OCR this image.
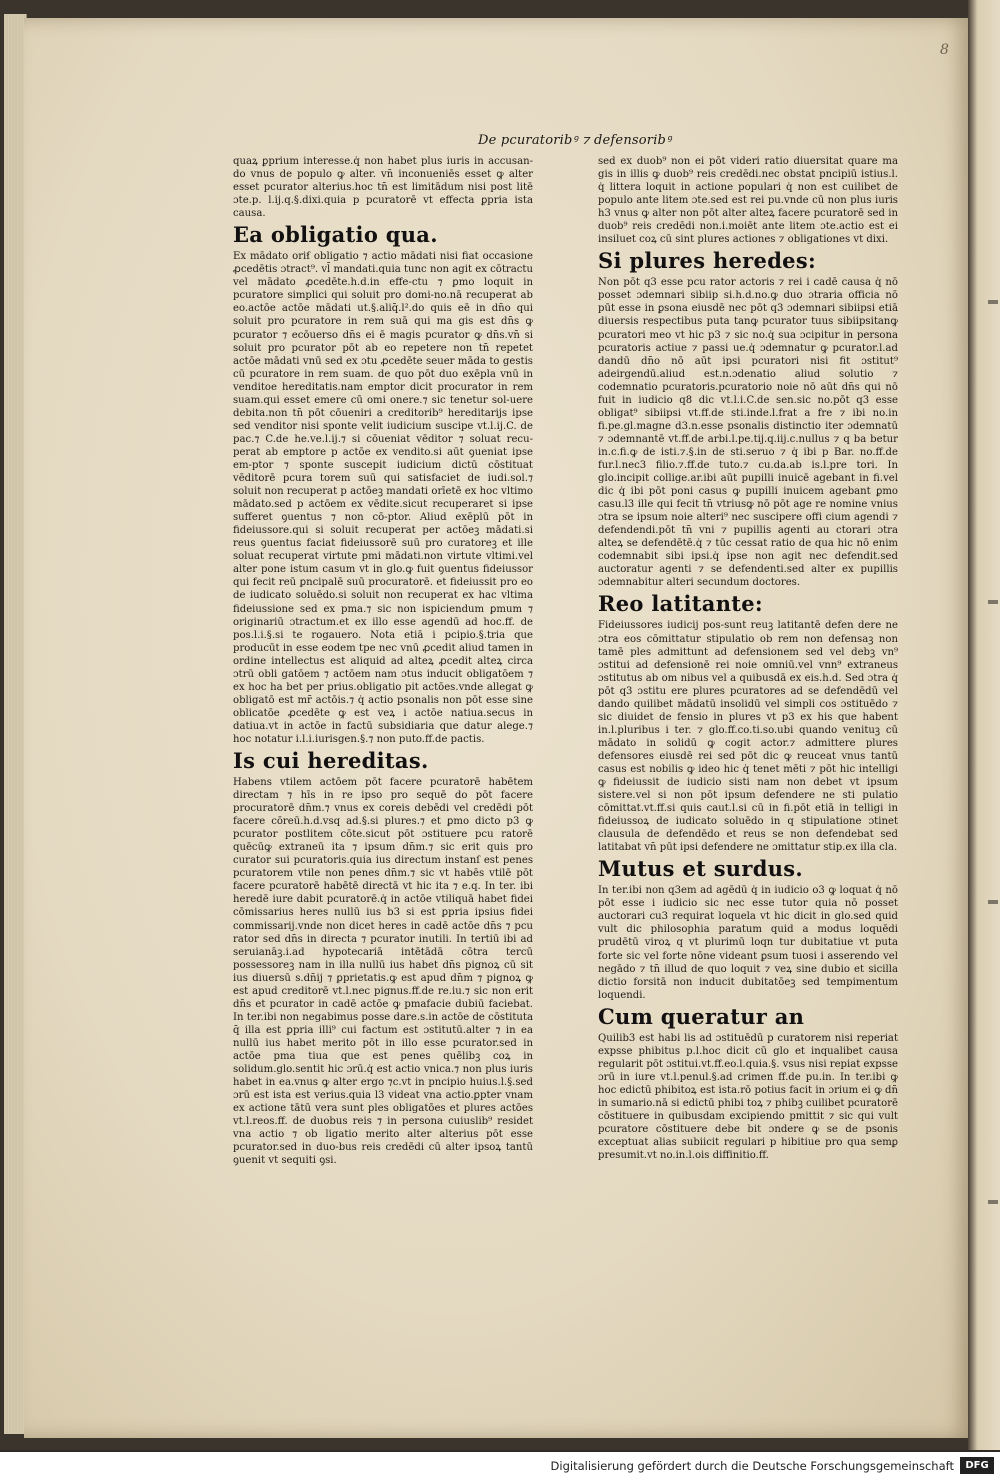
8
De pcuratoribꝰ ⁊ defensoribꝰ

quaꝝ ꝑprium interesse.q̇ non habet plus iuris in accusan-do vnus de populo ꝙ alter. vn̄ inconueniēs esset ꝙ alter esset pcurator alterius.hoc tn̄ est limitādum nisi post litē ɔte.p. l.ij.q.§.dixi.quia p pcuratorē vt effecta ꝑpria ista causa.

Ea obligatio qua.

Ex mādato oriẜ obligatio ⁊ actio mādati nisi fiat occasione ꝓcedētis ɔtract⁹. vl̄ mandati.quia tunc non agit ex cōtractu vel mādato ꝓcedēte.h.d.in effe-ctu ⁊ ꝑmo loquit in pcuratore simplici qui soluit pro domi-no.nā recuperat ab eo.actōe actōe mādati ut.§.aliq̄.l².do quis eē in dn̄o qui soluit pro pcuratore in rem suā qui ma gis est dn̄s ꝙ pcurator ⁊ ecōuerso dn̄s ei ē magis pcurator ꝙ dn̄s.vn̄ si soluit pro pcurator pōt ab eo repetere non tn̄ repetet actōe mādati vnū sed ex ɔtu ꝓcedēte seuer māda to gestis cū pcuratore in rem suam. de quo pōt duo exēpla vnū in venditoe hereditatis.nam emptor dicit procurator in rem suam.qui esset emere cū omi onere.⁊ sic tenetur sol-uere debita.non tn̄ pōt cōueniri a creditorib⁹ hereditarijs ipse sed venditor nisi sponte velit iudicium suscipe vt.l.ij.C. de pac.⁊ C.de he.ve.l.ij.⁊ si cōueniat vēditor ⁊ soluat recu-perat ab emptore p actōe ex vendito.si aūt ꝯueniat ipse em-ptor ⁊ sponte suscepit iudicium dictū cōstituat vēditorē pcura torem suū qui satisfaciet de iudi.sol.⁊ soluit non recuperat p actōeꝫ mandati orīetē ex hoc vltimo mādato.sed p actōem ex vēdite.sicut recuperaret si ipse sufferet ꝯuentus ⁊ non cō-ptor. Aliud exēplū pōt in fideiussore.qui si soluit recuperat per actōeꝫ mādati.si reus ꝯuentus faciat fideiussorē suū pro curatoreꝫ et ille soluat recuperat virtute pmi mādati.non virtute vltimi.vel alter pone istum casum vt in glo.ꝙ fuit ꝯuentus fideiussor qui fecit reū ꝑncipalē suū procuratorē. et fideiussit pro eo de iudicato soluēdo.si soluit non recuperat ex hac vltima fideiussione sed ex pma.⁊ sic non ispiciendum ꝑmum ⁊ originariū ɔtractum.et ex illo esse agendū ad hoc.ff. de pos.l.i.§.si te rogauero. Nota etiā i pcipio.§.tria que producūt in esse eodem tpe nec vnū ꝓcedit aliud tamen in ordine intellectus est aliquid ad alteꝝ ꝓcedit alteꝝ circa ɔtrū obli gatōem ⁊ actōem nam ɔtus inducit obligatōem ⁊ ex hoc ha bet per prius.obligatio pit actōes.vnde allegat ꝙ obligatō est mr̄ actōis.⁊ q̇ actio psonalis non pōt esse sine oblicatōe ꝓcedēte ꝙ est veꝝ i actōe natiua.secus in datiua.vt in actōe in factū subsidiaria que datur alege.⁊ hoc notatur i.l.i.iurisgen.§.⁊ non puto.ff.de pactis.

Is cui hereditas.

Habens vtilem actōem pōt facere pcuratorē habētem directam ⁊ hīs in re ipso pro sequē do pōt facere procuratorē dn̄m.⁊ vnus ex coreis debēdi vel credēdi pōt facere cōreū.h.d.vsq ad.§.si plures.⁊ et ꝑmo dicto p3 ꝙ pcurator postlitem cōte.sicut pōt ɔstituere pcu ratorē quēcūꝙ extraneū ita ⁊ ipsum dn̄m.⁊ sic erit quis pro curator sui pcuratoris.quia ius directum instanſ est penes pcuratorem vtile non penes dn̄m.⁊ sic vt habēs vtilē pōt facere pcuratorē habētē directā vt hic ita ⁊ e.q. In ter. ibi heredē iure dabit pcuratorē.q̇ in actōe vtiliquā habet fidei cōmissarius heres nullū ius b3 si est ꝑpria ipsius fidei commissarij.vnde non dicet heres in cadē actōe dn̄s ⁊ pcu rator sed dn̄s in directa ⁊ pcurator inutili. In tertiū ibi ad seruianāꝫ.i.ad hypotecariā intētādā cōtra tercū possessoreꝫ nam in illa nullū ius habet dn̄s pignoꝝ cū sit ius diuersū s.dn̄ij ⁊ ꝑprietatis.ꝙ est apud dn̄m ⁊ pignoꝝ ꝙ est apud creditorē vt.l.nec pignus.ff.de re.iu.⁊ sic non erit dn̄s et pcurator in cadē actōe ꝙ pmafacie dubiū faciebat. In ter.ibi non negabimus posse dare.s.in actōe de cōstituta q̄ illa est ꝑpria illi⁹ cui factum est ɔstitutū.alter ⁊ in ea nullū ius habet merito pōt in illo esse pcurator.sed in actōe pma tiua que est penes quēlibꝫ coꝝ in solidum.glo.sentit hic ɔrū.q̇ est actio vnica.⁊ non plus iuris habet in ea.vnus ꝙ alter ergo ⁊c.vt in pncipio huius.l.§.sed ɔrū est ista est verius.quia l3 videat vna actio.ꝑpter vnam ex actione tātū vera sunt ples obligatōes et plures actōes vt.l.reos.ff. de duobus reis ⁊ in persona cuiuslib⁹ residet vna actio ⁊ ob ligatio merito alter alterius pōt esse pcurator.sed in duo-bus reis credēdi cū alter ipsoꝝ tantū ꝯuenit vt sequiti ꝯsi.

sed ex duob⁹ non ei pōt videri ratio diuersitat quare ma gis in illis ꝙ duob⁹ reis credēdi.nec obstat pncipiū istius.l. q̇ littera loquit in actione populari q̇ non est cuilibet de populo ante litem ɔte.sed est rei pu.vnde cū non plus iuris h3 vnus ꝙ alter non pōt alter alteꝝ facere pcuratorē sed in duob⁹ reis credēdi non.i.moiēt ante litem ɔte.actio est ei insiluet coꝝ cū sint plures actiones ⁊ obligationes vt dixi.

Si plures heredes:

Non pōt q3 esse pcu rator actoris ⁊ rei i cadē causa q̇ nō posset ɔdemnari sibiip si.h.d.no.ꝙ duo ɔtraria officia nō pūt esse in ꝑsona eiusdē nec pōt q3 ɔdemnari sibiipsi etiā diuersis respectibus puta tanꝙ pcurator tuus sibiipsitanꝙ pcuratori meo vt hic p3 ⁊ sic no.q̇ sua ɔcipitur in persona pcuratoris actiue ⁊ passi ue.q̇ ɔdemnatur ꝙ pcurator.l.ad dandū dn̄o nō aūt ipsi pcuratori nisi fit ɔstitut⁹ adeirgendū.aliud est.n.ɔdenatio aliud solutio ⁊ codemnatio pcuratoris.pcuratorio noie nō aūt dn̄s qui nō fuit in iudicio q8 dic vt.l.i.C.de sen.sic no.pōt q3 esse obligat⁹ sibiipsi vt.ff.de sti.inde.l.frat a fre ⁊ ibi no.in fi.pe.gl.magne d3.n.esse psonalis distinctio iter ɔdemnatū ⁊ ɔdemnantē vt.ff.de arbi.l.pe.tij.q.iij.c.nullus ⁊ q ba betur in.c.fi.ꝙ de isti.⁊.§.in de sti.seruo ⁊ q̇ ibi p Bar. no.ff.de fur.l.nec3 filio.⁊.ff.de tuto.⁊ cu.da.ab is.l.pre tori. In glo.incipit collige.ar.ibi aūt pupilli inuicē agebant in fi.vel dic q̇ ibi pōt poni casus ꝙ pupilli inuicem agebant ꝑmo casu.l3 ille qui fecit tn̄ vtriusꝙ nō pōt age re nomine vnius ɔtra se ipsum noie alteri⁹ nec suscipere offi cium agendi ⁊ defendendi.pōt tn̄ vni ⁊ pupillis agenti au ctorari ɔtra alteꝝ se defendētē.q̇ ⁊ tūc cessat ratio de qua hic nō enim codemnabit sibi ipsi.q̇ ipse non agit nec defendit.sed auctoratur agenti ⁊ se defendenti.sed alter ex pupillis ɔdemnabitur alteri secundum doctores.

Reo latitante:

Fideiussores iudicij pos-sunt reuꝫ latitantē defen dere ne ɔtra eos cōmittatur stipulatio ob rem non defensaꝫ non tamē ples admittunt ad defensionem sed vel debꝫ vn⁹ ɔstitui ad defensionē rei noie omniū.vel vnn⁹ extraneus ɔstitutus ab om nibus vel a quibusdā ex eis.h.d. Sed ɔtra q̇ pōt q3 ɔstitu ere plures pcuratores ad se defendēdū vel dando quilibet mādatū insolidū vel simpli cos ɔstituēdo ⁊ sic diuidet de fensio in plures vt p3 ex his que habent in.l.pluribus i ter. ⁊ glo.ff.co.ti.so.ubi quando venituꝫ cū mādato in solidū ꝙ cogit actor.⁊ admittere plures defensores eiusdē rei sed pōt dic ꝙ reuceat vnus tantū casus est nobilis ꝙ ideo hic q̇ tenet mēti ⁊ pōt hic intelligi ꝙ fideiussit de iudicio sisti nam non debet vt ipsum sistere.vel si non pōt ipsum defendere ne sti pulatio cōmittat.vt.ff.si quis caut.l.si cū in fi.pōt etiā in telligi in fideiussoꝝ de iudicato soluēdo in q stipulatione ɔtinet clausula de defendēdo et reus se non defendebat sed latitabat vn̄ pūt ipsi defendere ne ɔmittatur stip.ex illa cla.

Mutus et surdus.

In ter.ibi non q3em ad agēdū q̇ in iudicio o3 ꝙ loquat q̇ nō pōt esse i iudicio sic nec esse tutor quia nō posset auctorari cu3 requirat loquela vt hic dicit in glo.sed quid vult dic philosophia paratum quid a modus loquēdi prudētū viroꝝ q vt plurimū loqn tur dubitatiue vt puta forte sic vel forte nōne videant ꝑsum tuosi i asserendo vel negādo ⁊ tn̄ illud de quo loquit ⁊ veꝝ sine dubio et sicilla dictio forsitā non inducit dubitatōeꝫ sed tempimentum loquendi.

Cum queratur an

Quilib3 est habi lis ad ɔstituēdū p curatorem nisi reperiat expsse phibitus p.l.hoc dicit cū glo et inqualibet causa regularit pōt ɔstitui.vt.ff.eo.l.quia.§. vsus nisi repiat expsse ɔrū in iure vt.l.penul.§.ad crimen ff.de pu.in. In ter.ibi ꝙ hoc edictū phibitoꝝ est ista.rō potius facit in ɔrium ei ꝙ dn̄ in sumario.nā si edictū phibi toꝝ ⁊ phibꝫ cuilibet pcuratorē cōstituere in quibusdam excipiendo pmittit ⁊ sic qui vult pcuratore cōstituere debe bit ɔndere ꝙ se de psonis exceptuat alias subiicit regulari p hibitiue pro qua semꝑ presumit.vt no.in.l.ois diffinitio.ff.

Digitalisierung gefördert durch die Deutsche Forschungsgemeinschaft	DFG
